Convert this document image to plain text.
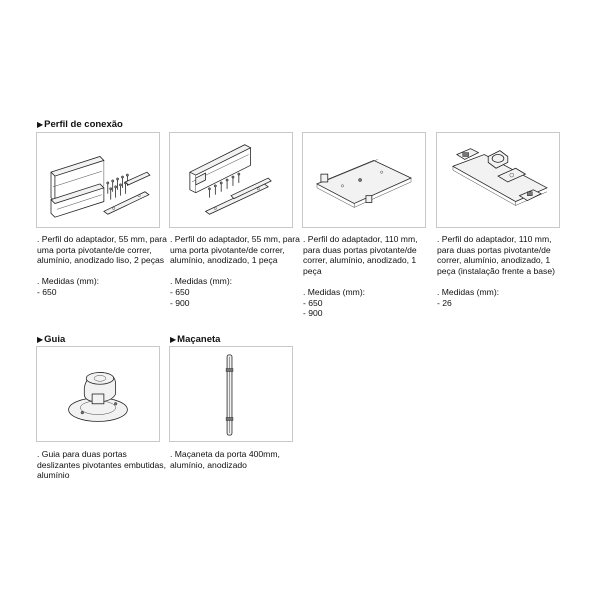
▶Perfil de conexão
▶Guia	▶Maçaneta

. Perfil do adaptador, 55 mm, para uma porta pivotante/de correr, alumínio, anodizado liso, 2 peças

. Medidas (mm):

- 650

. Perfil do adaptador, 55 mm, para uma porta pivotante/de correr, alumínio, anodizado, 1 peça

. Medidas (mm):

- 650

- 900

. Perfil do adaptador, 110 mm, para duas portas pivotante/de correr, alumínio, anodizado, 1 peça

. Medidas (mm):

- 650

- 900

. Perfil do adaptador, 110 mm, para duas portas pivotante/de correr, alumínio, anodizado, 1 peça (instalação frente a base)

. Medidas (mm):

- 26

. Guia para duas portas deslizantes pivotantes embutidas, alumínio

. Maçaneta da porta 400mm, alumínio, anodizado
